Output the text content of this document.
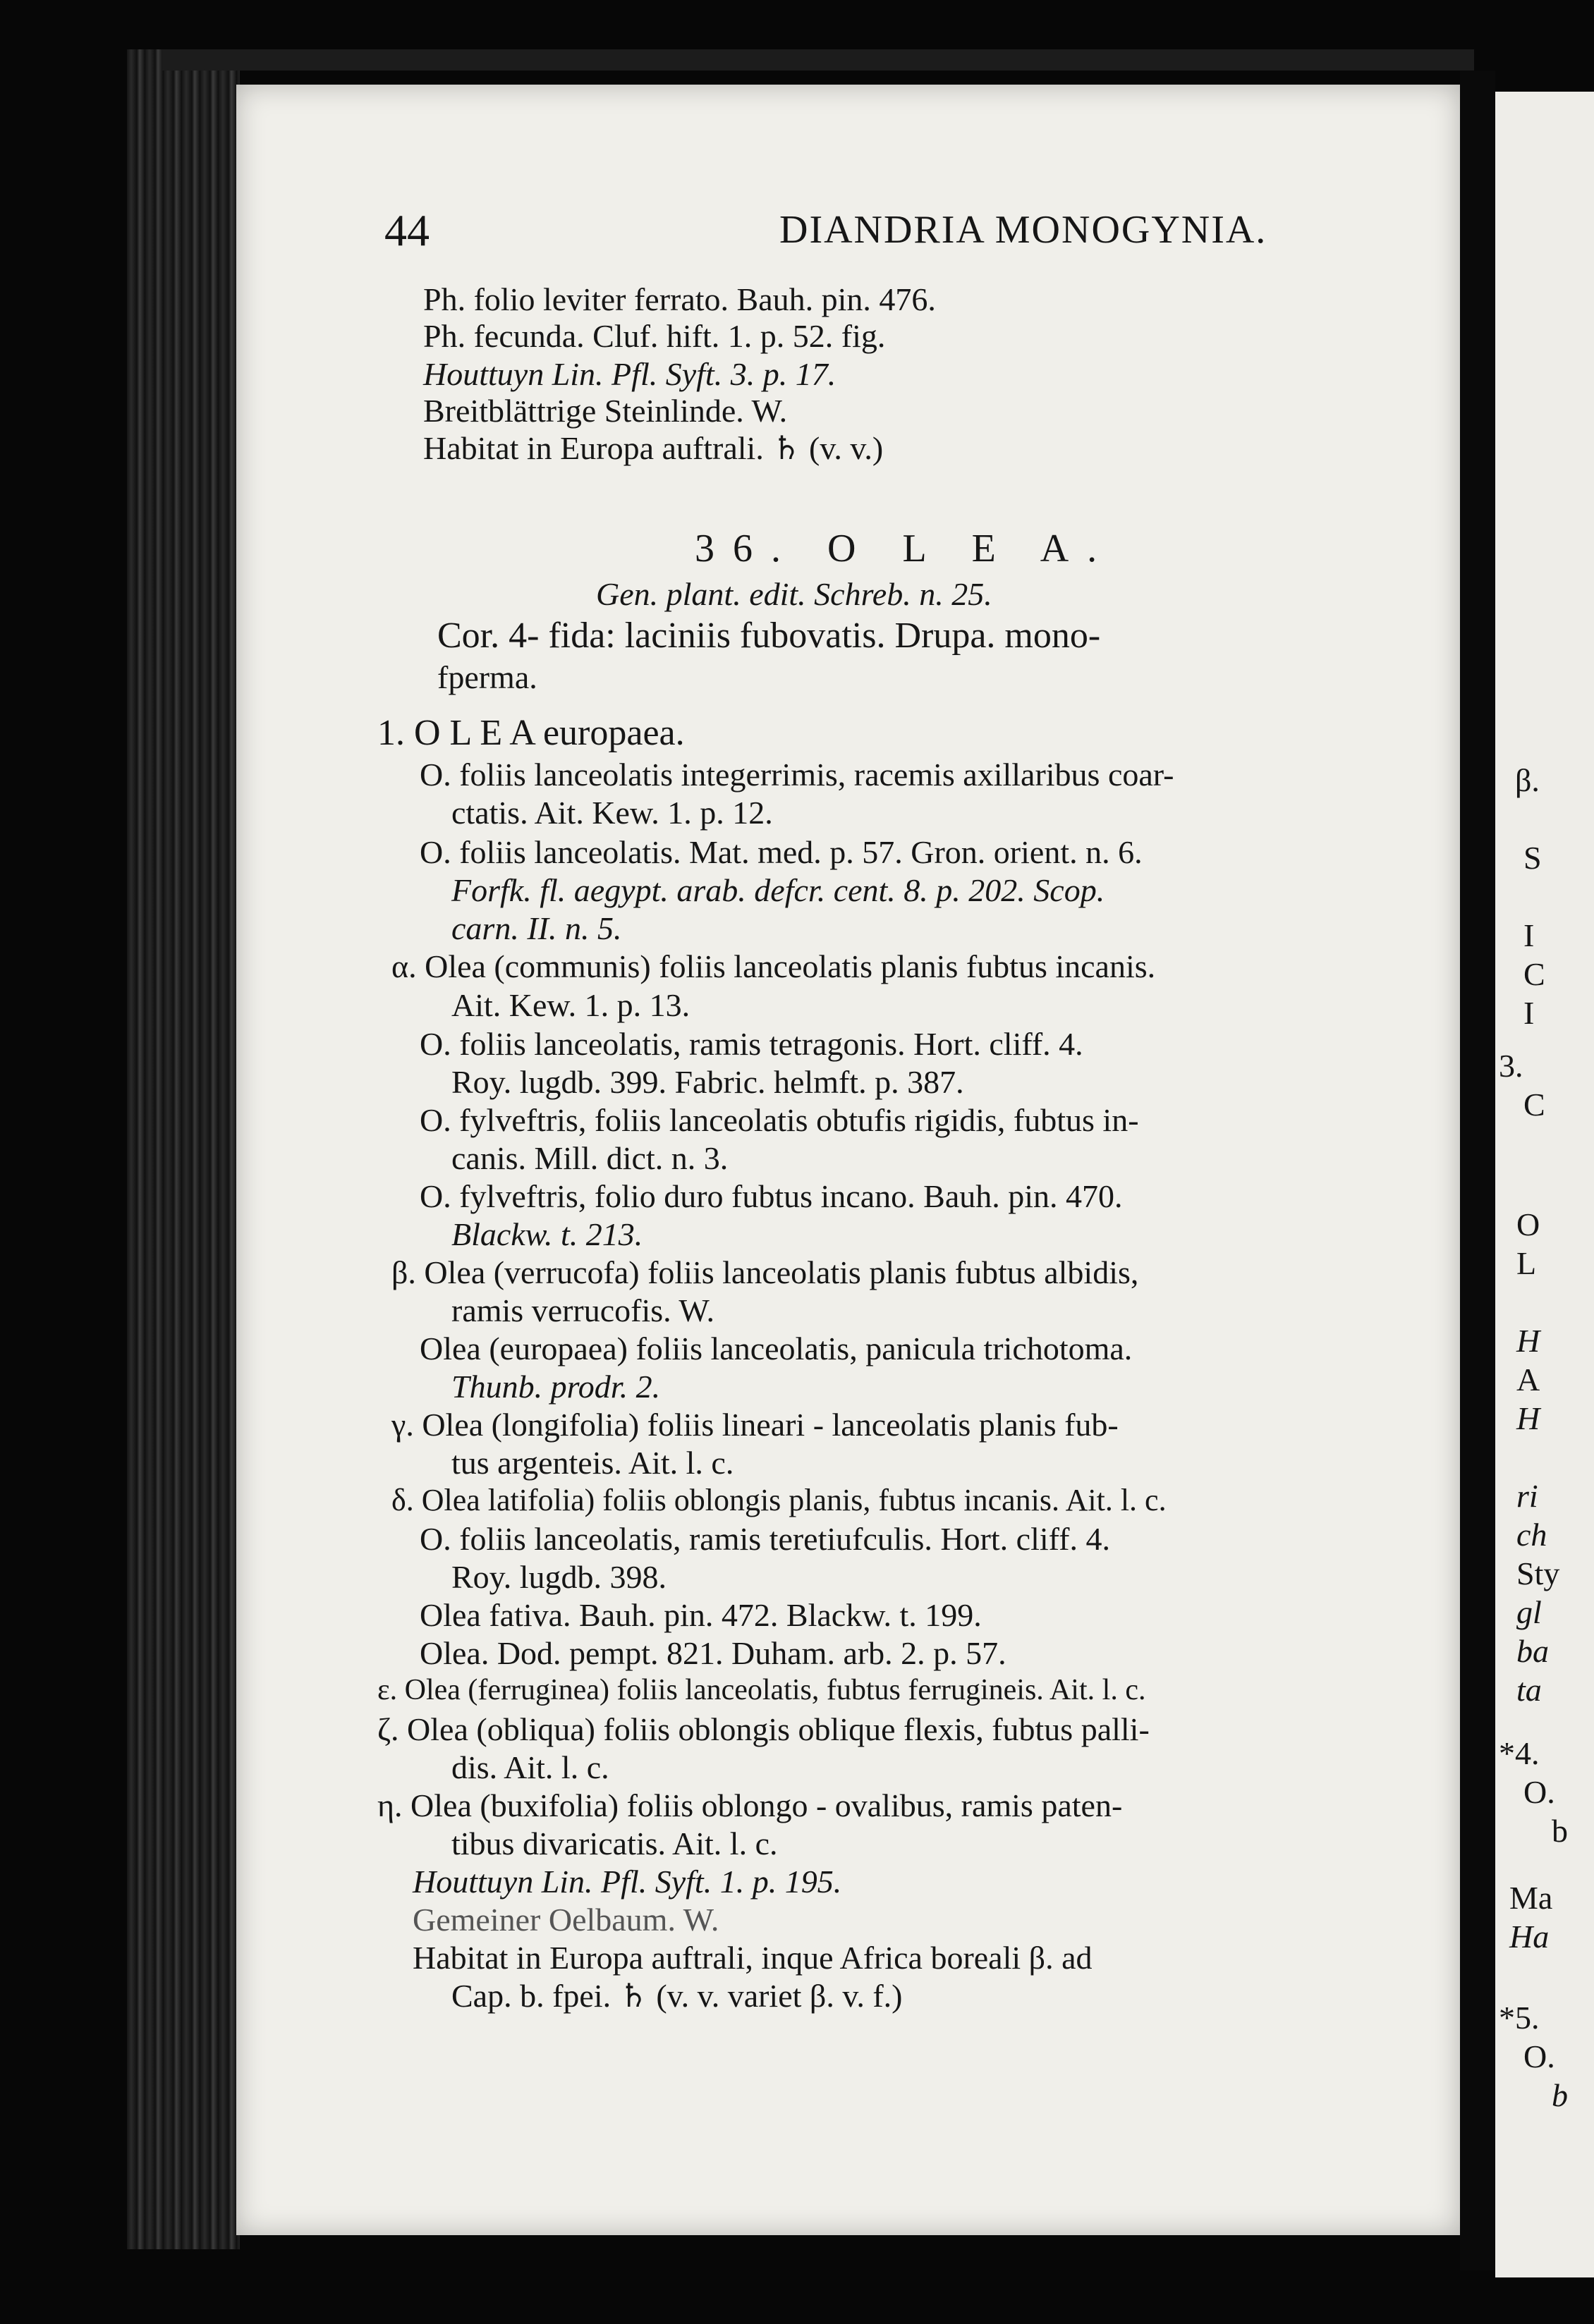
44	DIANDRIA MONOGYNIA.
Ph. folio leviter ferrato. Bauh. pin. 476.
Ph. fecunda. Cluf. hift. 1. p. 52. fig.
Houttuyn Lin. Pfl. Syft. 3. p. 17.
Breitblättrige Steinlinde. W.
Habitat in Europa auftrali. ♄ (v. v.)
36. O L E A.
Gen. plant. edit. Schreb. n. 25.
Cor. 4- fida: laciniis fubovatis. Drupa. mono-
fperma.
1. O L E A europaea.
O. foliis lanceolatis integerrimis, racemis axillaribus coar-
ctatis. Ait. Kew. 1. p. 12.
O. foliis lanceolatis. Mat. med. p. 57. Gron. orient. n. 6.
Forfk. fl. aegypt. arab. defcr. cent. 8. p. 202. Scop.
carn. II. n. 5.
α. Olea (communis) foliis lanceolatis planis fubtus incanis.
Ait. Kew. 1. p. 13.
O. foliis lanceolatis, ramis tetragonis. Hort. cliff. 4.
Roy. lugdb. 399. Fabric. helmft. p. 387.
O. fylveftris, foliis lanceolatis obtufis rigidis, fubtus in-
canis. Mill. dict. n. 3.
O. fylveftris, folio duro fubtus incano. Bauh. pin. 470.
Blackw. t. 213.
β. Olea (verrucofa) foliis lanceolatis planis fubtus albidis,
ramis verrucofis. W.
Olea (europaea) foliis lanceolatis, panicula trichotoma.
Thunb. prodr. 2.
γ. Olea (longifolia) foliis lineari - lanceolatis planis fub-
tus argenteis. Ait. l. c.
δ. Olea latifolia) foliis oblongis planis, fubtus incanis. Ait. l. c.
O. foliis lanceolatis, ramis teretiufculis. Hort. cliff. 4.
Roy. lugdb. 398.
Olea fativa. Bauh. pin. 472. Blackw. t. 199.
Olea. Dod. pempt. 821. Duham. arb. 2. p. 57.
ε. Olea (ferruginea) foliis lanceolatis, fubtus ferrugineis. Ait. l. c.
ζ. Olea (obliqua) foliis oblongis oblique flexis, fubtus palli-
dis. Ait. l. c.
η. Olea (buxifolia) foliis oblongo - ovalibus, ramis paten-
tibus divaricatis. Ait. l. c.
Houttuyn Lin. Pfl. Syft. 1. p. 195.
Gemeiner Oelbaum. W.
Habitat in Europa auftrali, inque Africa boreali β. ad
Cap. b. fpei. ♄ (v. v. variet β. v. f.)
β.
S
I
C
I
3.
C
O
L
H
A
H
ri
ch
Sty
gl
ba
ta
*4.
O.
b
Ma
Ha
*5.
O.
b
